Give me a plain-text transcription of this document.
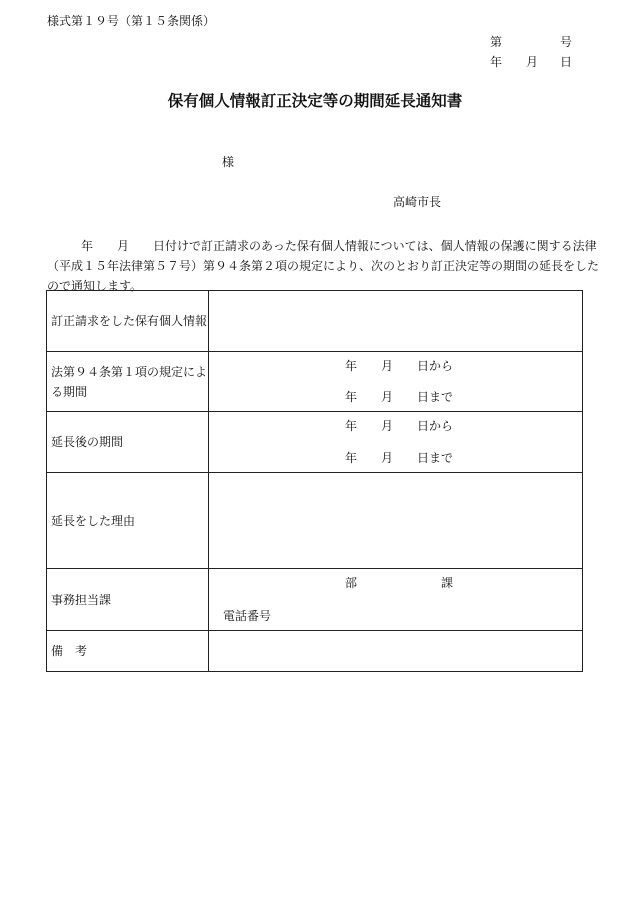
様式第１９号（第１５条関係）
第	号
年 月 日
保有個人情報訂正決定等の期間延長通知書
様
高崎市長

年　　月　　日付けで訂正請求のあった保有個人情報については、個人情報の保護に関する法律

（平成１５年法律第５７号）第９４条第２項の規定により、次のとおり訂正決定等の期間の延長をした

ので通知します。

訂正請求をした保有個人情報	
法第９４条第１項の規定による期間	年　　月　　日から
年　　月　　日まで

延長後の期間	年　　月　　日から
年　　月　　日まで

延長をした理由	
事務担当課	部　　　　　　　課
電話番号

備　考	
